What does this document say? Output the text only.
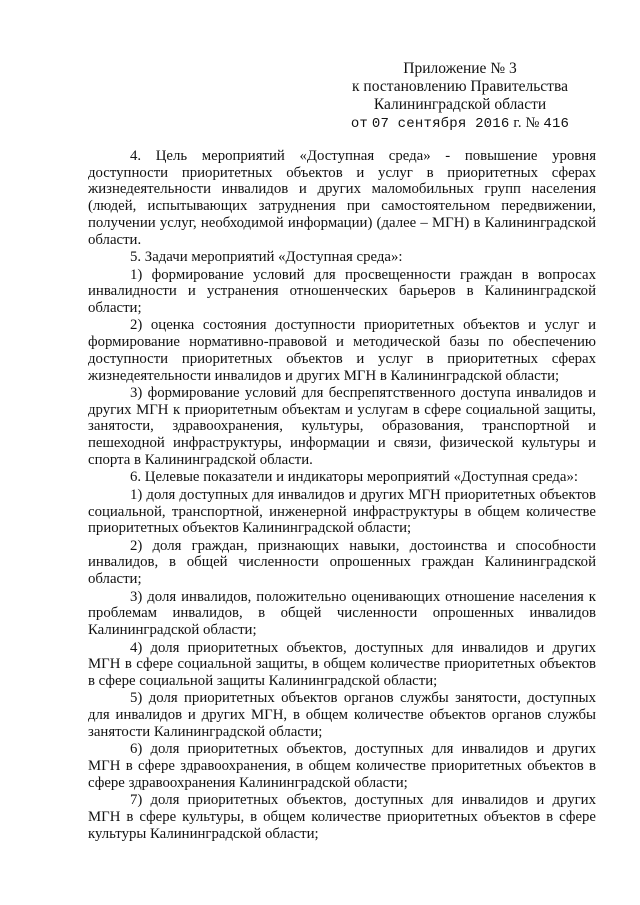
Приложение № 3
к постановлению Правительства
Калининградской области
от 07 сентября 2016 г. № 416

4. Цель мероприятий «Доступная среда» - повышение уровня доступности приоритетных объектов и услуг в приоритетных сферах жизнедеятельности инвалидов и других маломобильных групп населения (людей, испытывающих затруднения при самостоятельном передвижении, получении услуг, необходимой информации) (далее – МГН) в Калининградской области.

5. Задачи мероприятий «Доступная среда»:

1) формирование условий для просвещенности граждан в вопросах инвалидности и устранения отношенческих барьеров в Калининградской области;

2) оценка состояния доступности приоритетных объектов и услуг и формирование нормативно-правовой и методической базы по обеспечению доступности приоритетных объектов и услуг в приоритетных сферах жизнедеятельности инвалидов и других МГН в Калининградской области;

3) формирование условий для беспрепятственного доступа инвалидов и других МГН к приоритетным объектам и услугам в сфере социальной защиты, занятости, здравоохранения, культуры, образования, транспортной и пешеходной инфраструктуры, информации и связи, физической культуры и спорта в Калининградской области.

6. Целевые показатели и индикаторы мероприятий «Доступная среда»:

1) доля доступных для инвалидов и других МГН приоритетных объектов социальной, транспортной, инженерной инфраструктуры в общем количестве приоритетных объектов Калининградской области;

2) доля граждан, признающих навыки, достоинства и способности инвалидов, в общей численности опрошенных граждан Калининградской области;

3) доля инвалидов, положительно оценивающих отношение населения к проблемам инвалидов, в общей численности опрошенных инвалидов Калининградской области;

4) доля приоритетных объектов, доступных для инвалидов и других МГН в сфере социальной защиты, в общем количестве приоритетных объектов в сфере социальной защиты Калининградской области;

5) доля приоритетных объектов органов службы занятости, доступных для инвалидов и других МГН, в общем количестве объектов органов службы занятости Калининградской области;

6) доля приоритетных объектов, доступных для инвалидов и других МГН в сфере здравоохранения, в общем количестве приоритетных объектов в сфере здравоохранения Калининградской области;

7) доля приоритетных объектов, доступных для инвалидов и других МГН в сфере культуры, в общем количестве приоритетных объектов в сфере культуры Калининградской области;
